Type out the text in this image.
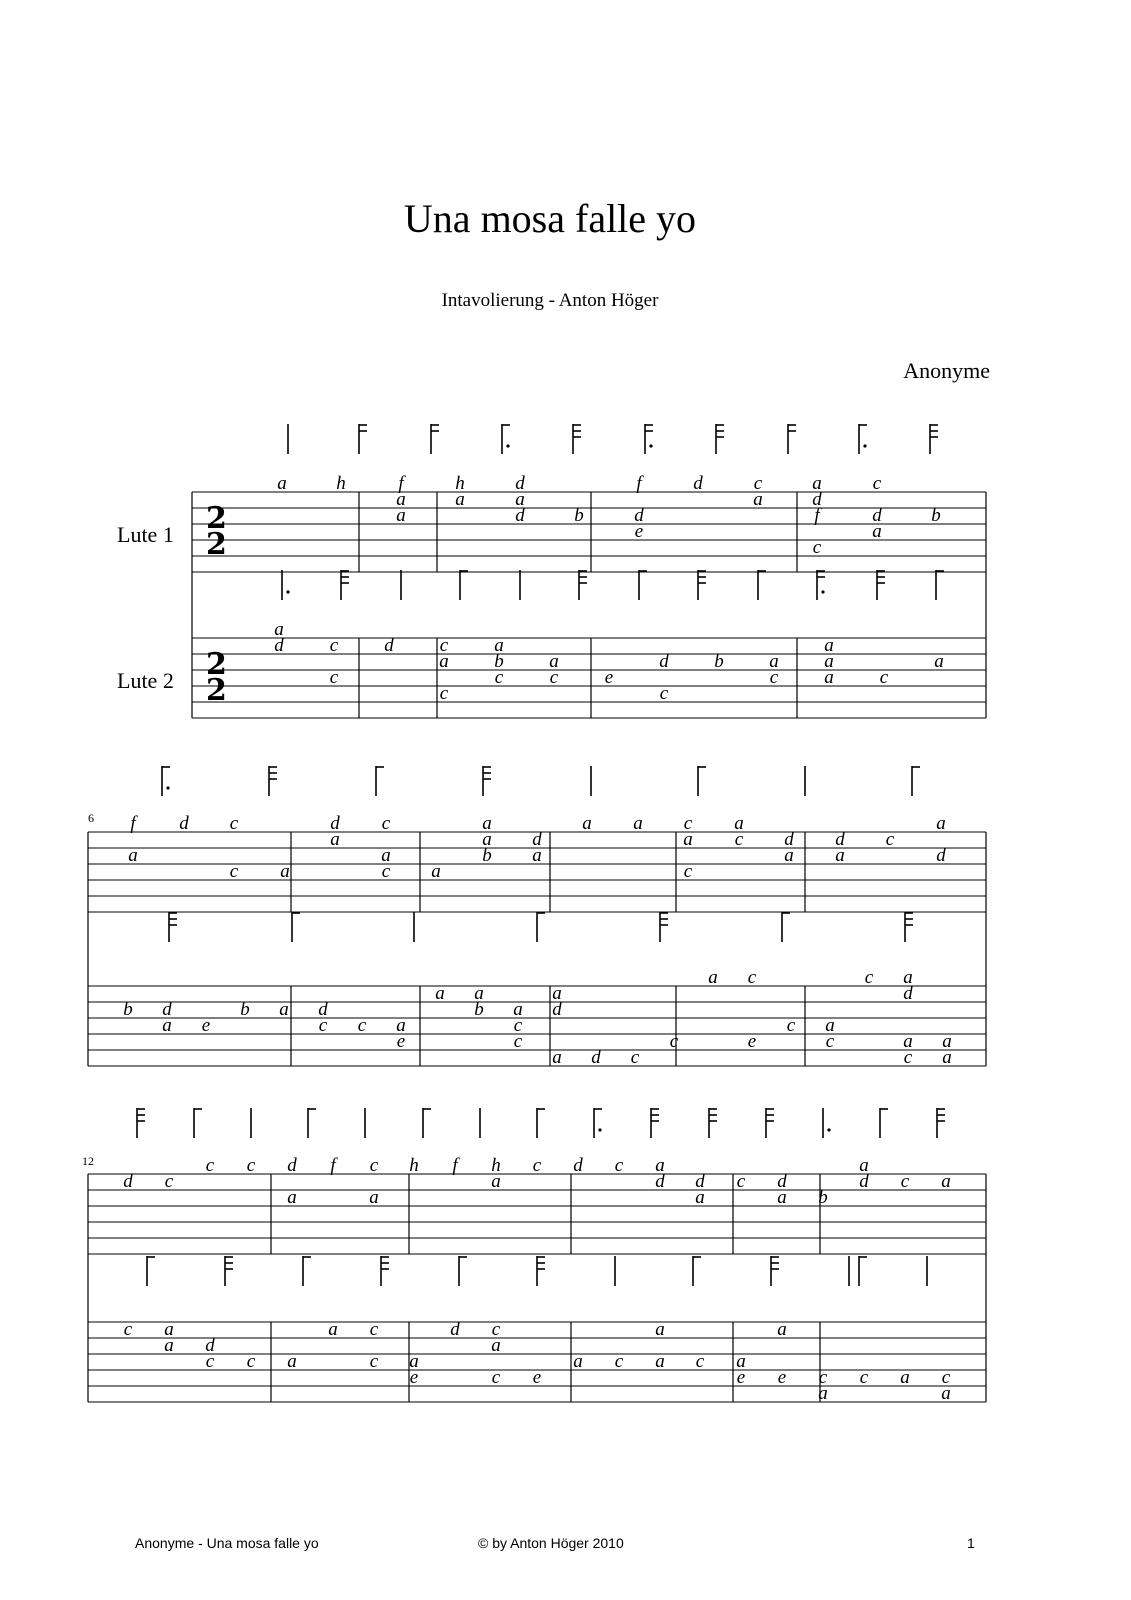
Una mosa falle yo
Intavolierung - Anton Höger
Anonyme
a	h	f
a
a
h
a
d
a
d	b
f
d
e
d	c
a
a
d
f
c
c
d
a
b
a
d c
c
d c
a
c
a
b
c
a
c e
d
c
b a
c
a
a
a c
a
Lute 1
Lute 2
2
2
2
2
f
a
d c
c a
d
a
c
a
c a
a
a
b
d
a
a a c
a
c
a
c d
a
d
a
c
a
d
b d
a e
b a d
c c a
e
a a
b a
c
c
a
d
a d c
c
a c
e
c a
c
c a
d
a
c
a
a
6
d c
c c d
a
f c
a
h f h
a
c d c a
d d
a
c d
a b
a
d c a
c a
a d
c c a
a c
c a
e
d c
a
c e
a c
a
a c a
e
a
e c
a
c a c
a
12
Anonyme - Una mosa falle yo	© by Anton Höger 2010	1
